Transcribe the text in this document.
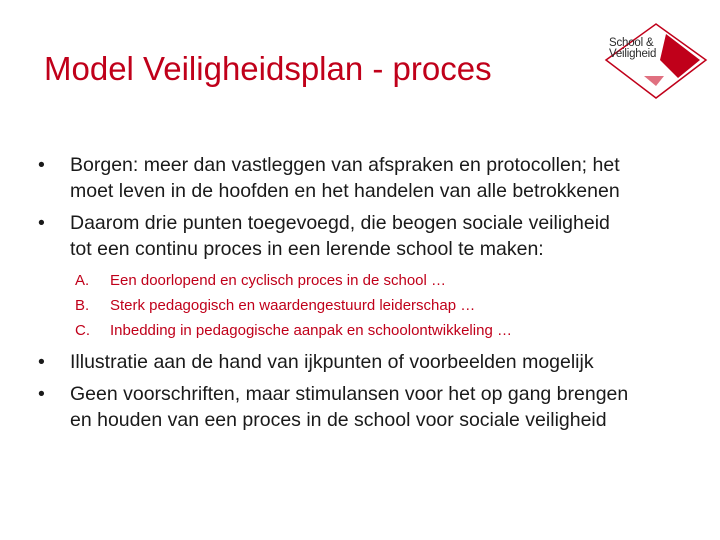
Model Veiligheidsplan - proces
School &
Veiligheid
• Borgen: meer dan vastleggen van afspraken en protocollen; het
moet leven in de hoofden en het handelen van alle betrokkenen
• Daarom drie punten toegevoegd, die beogen sociale veiligheid
tot een continu proces in een lerende school te maken:
A. Een doorlopend en cyclisch proces in de school …
B. Sterk pedagogisch en waardengestuurd leiderschap …
C. Inbedding in pedagogische aanpak en schoolontwikkeling …
• Illustratie aan de hand van ijkpunten of voorbeelden mogelijk
• Geen voorschriften, maar stimulansen voor het op gang brengen
en houden van een proces in de school voor sociale veiligheid
